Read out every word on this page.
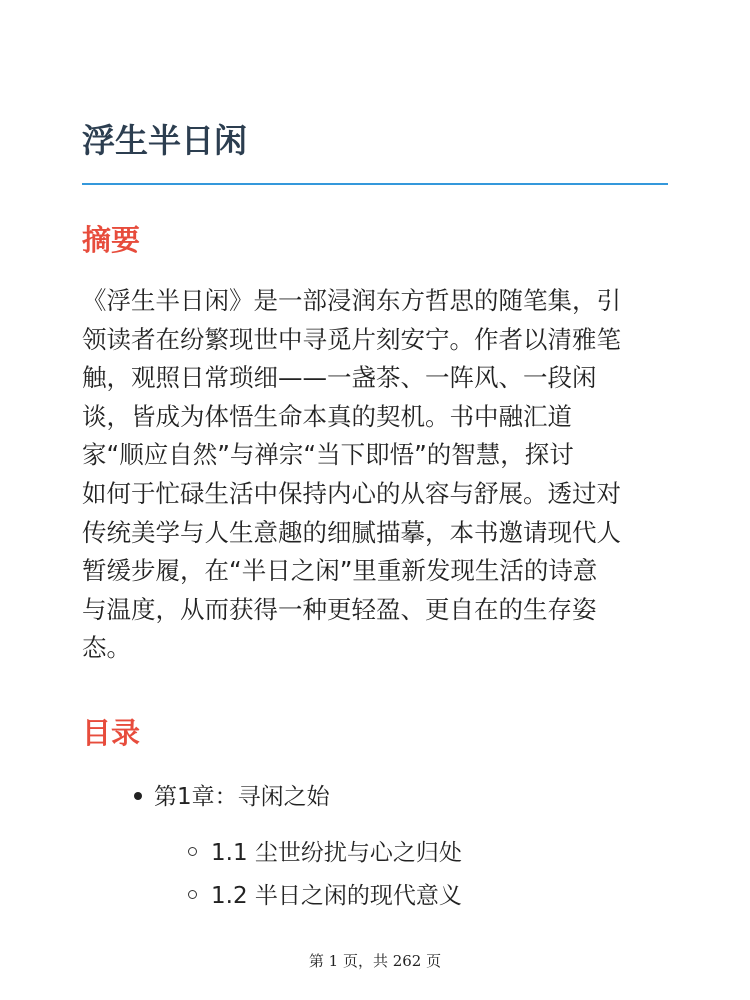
浮生半日闲
摘要

《浮生半日闲》是一部浸润东方哲思的随笔集，引
领读者在纷繁现世中寻觅片刻安宁。作者以清雅笔
触，观照日常琐细——一盏茶、一阵风、一段闲
谈，皆成为体悟生命本真的契机。书中融汇道
家“顺应自然”与禅宗“当下即悟”的智慧，探讨
如何于忙碌生活中保持内心的从容与舒展。透过对
传统美学与人生意趣的细腻描摹，本书邀请现代人
暂缓步履，在“半日之闲”里重新发现生活的诗意
与温度，从而获得一种更轻盈、更自在的生存姿
态。

目录
第1章：寻闲之始
1.1 尘世纷扰与心之归处
1.2 半日之闲的现代意义
第 1 页，共 262 页
